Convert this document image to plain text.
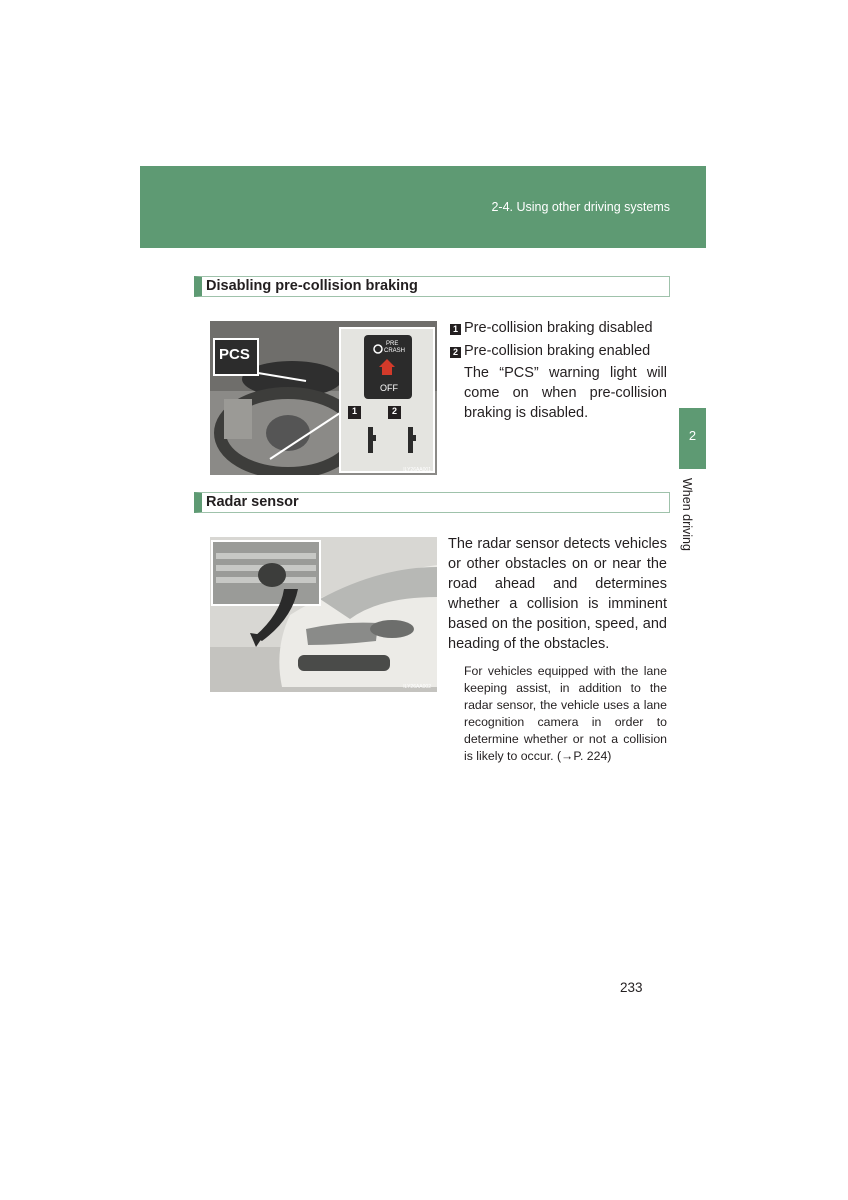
2-4. Using other driving systems
2
When driving
Disabling pre-collision braking
PCS
PRE
CRASH
OFF
1	2
ILY26AA001
1 Pre-collision braking disabled
2 Pre-collision braking enabled
The “PCS” warning light will come on when pre-collision braking is disabled.
Radar sensor
ILY26AA002
The radar sensor detects vehicles or other obstacles on or near the road ahead and determines whether a collision is imminent based on the position, speed, and heading of the obstacles.
For vehicles equipped with the lane keeping assist, in addition to the radar sensor, the vehicle uses a lane recognition camera in order to determine whether or not a collision is likely to occur. (→P. 224)
233
